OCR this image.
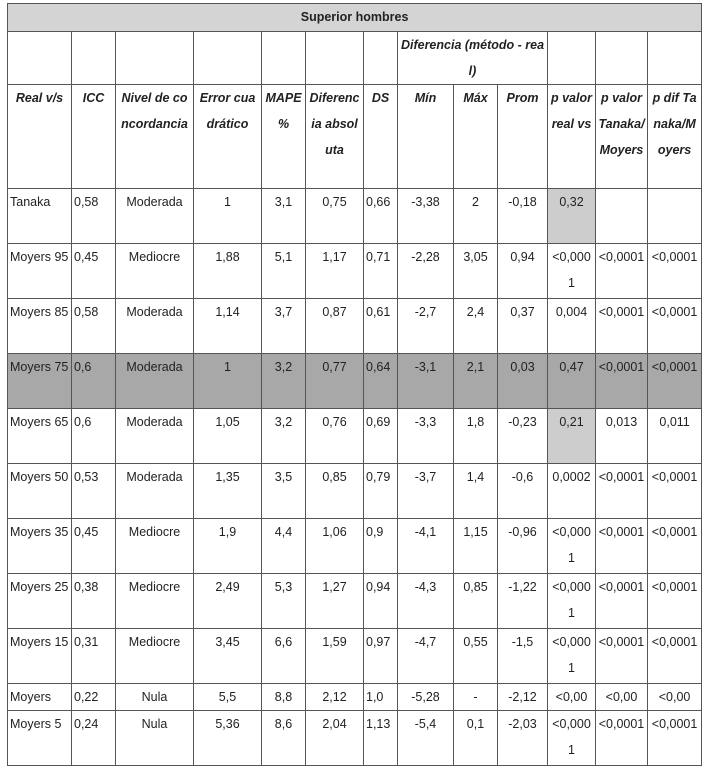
Superior hombres												
							Diferencia (método - real)					
Real v/s	ICC	Nivel de concordancia	Error cuadrático	MAPE %	Diferencia absoluta	DS	Mín	Máx	Prom	p valor real vs	p valor Tanaka/Moyers	p dif Tanaka/Moyers
Tanaka	0,58	Moderada	1	3,1	0,75	0,66	-3,38	2	-0,18	0,32		
Moyers 95	0,45	Mediocre	1,88	5,1	1,17	0,71	-2,28	3,05	0,94	<0,0001	<0,0001	<0,0001
Moyers 85	0,58	Moderada	1,14	3,7	0,87	0,61	-2,7	2,4	0,37	0,004	<0,0001	<0,0001
Moyers 75	0,6	Moderada	1	3,2	0,77	0,64	-3,1	2,1	0,03	0,47	<0,0001	<0,0001
Moyers 65	0,6	Moderada	1,05	3,2	0,76	0,69	-3,3	1,8	-0,23	0,21	0,013	0,011
Moyers 50	0,53	Moderada	1,35	3,5	0,85	0,79	-3,7	1,4	-0,6	0,0002	<0,0001	<0,0001
Moyers 35	0,45	Mediocre	1,9	4,4	1,06	0,9	-4,1	1,15	-0,96	<0,0001	<0,0001	<0,0001
Moyers 25	0,38	Mediocre	2,49	5,3	1,27	0,94	-4,3	0,85	-1,22	<0,0001	<0,0001	<0,0001
Moyers 15	0,31	Mediocre	3,45	6,6	1,59	0,97	-4,7	0,55	-1,5	<0,0001	<0,0001	<0,0001
Moyers	0,22	Nula	5,5	8,8	2,12	1,0	-5,28	-	-2,12	<0,00	<0,00	<0,00
Moyers 5	0,24	Nula	5,36	8,6	2,04	1,13	-5,4	0,1	-2,03	<0,0001	<0,0001	<0,0001
